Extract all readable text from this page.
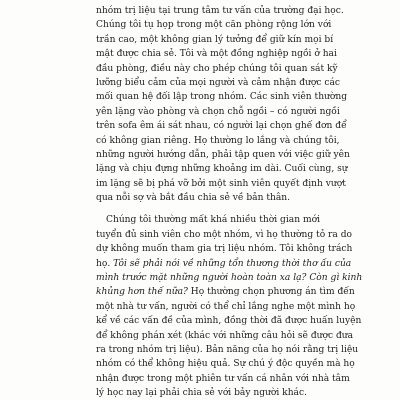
nhóm trị liệu tại trung tâm tư vấn của trường đại học.
Chúng tôi tụ họp trong một căn phòng rộng lớn với
trần cao, một không gian lý tưởng để giữ kín mọi bí
mật được chia sẻ. Tôi và một đồng nghiệp ngồi ở hai
đầu phòng, điều này cho phép chúng tôi quan sát kỹ
lưỡng biểu cảm của mọi người và cảm nhận được các
mối quan hệ đối lập trong nhóm. Các sinh viên thường
yên lặng vào phòng và chọn chỗ ngồi – có người ngồi
trên sofa êm ái sát nhau, có người lại chọn ghế đơn để
có không gian riêng. Họ thường lo lắng và chúng tôi,
những người hướng dẫn, phải tập quen với việc giữ yên
lặng và chịu đựng những khoảng im dài. Cuối cùng, sự
im lặng sẽ bị phá vỡ bởi một sinh viên quyết định vượt
qua nỗi sợ và bắt đầu chia sẻ về bản thân.
Chúng tôi thường mất khá nhiều thời gian mới
tuyển đủ sinh viên cho một nhóm, vì họ thường tỏ ra do
dự không muốn tham gia trị liệu nhóm. Tôi không trách
họ. Tôi sẽ phải nói về những tổn thương thời thơ ấu của
mình trước mặt những người hoàn toàn xa lạ? Còn gì kinh
khủng hơn thế nữa? Họ thường chọn phương án tìm đến
một nhà tư vấn, người có thể chỉ lắng nghe một mình họ
kể về các vấn đề của mình, đồng thời đã được huấn luyện
để không phán xét (khác với những câu hỏi sẽ được đưa
ra trong nhóm trị liệu). Bản năng của họ nói rằng trị liệu
nhóm có thể không hiệu quả. Sự chú ý độc quyền mà họ
nhận được trong một phiên tư vấn cá nhân với nhà tâm
lý học nay lại phải chia sẻ với bảy người khác.
